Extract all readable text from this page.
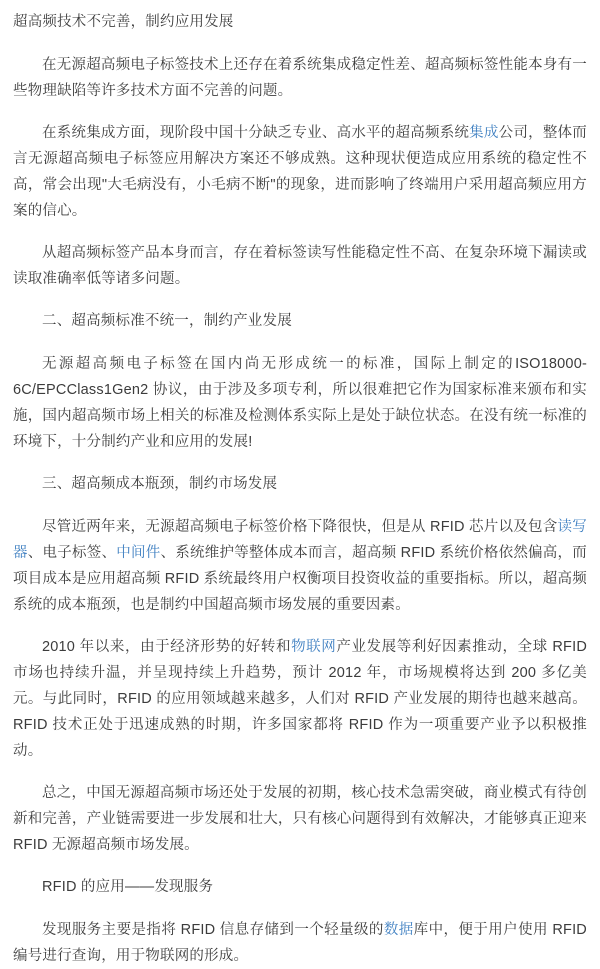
超高频技术不完善，制约应用发展

在无源超高频电子标签技术上还存在着系统集成稳定性差、超高频标签性能本身有一些物理缺陷等许多技术方面不完善的问题。

在系统集成方面，现阶段中国十分缺乏专业、高水平的超高频系统集成公司，整体而言无源超高频电子标签应用解决方案还不够成熟。这种现状便造成应用系统的稳定性不高，常会出现"大毛病没有，小毛病不断"的现象，进而影响了终端用户采用超高频应用方案的信心。

从超高频标签产品本身而言，存在着标签读写性能稳定性不高、在复杂环境下漏读或读取准确率低等诸多问题。

二、超高频标准不统一，制约产业发展

无源超高频电子标签在国内尚无形成统一的标准，国际上制定的ISO18000-6C/EPCClass1Gen2 协议，由于涉及多项专利，所以很难把它作为国家标准来颁布和实施，国内超高频市场上相关的标准及检测体系实际上是处于缺位状态。在没有统一标准的环境下，十分制约产业和应用的发展!

三、超高频成本瓶颈，制约市场发展

尽管近两年来，无源超高频电子标签价格下降很快，但是从 RFID 芯片以及包含读写器、电子标签、中间件、系统维护等整体成本而言，超高频 RFID 系统价格依然偏高，而项目成本是应用超高频 RFID 系统最终用户权衡项目投资收益的重要指标。所以，超高频系统的成本瓶颈，也是制约中国超高频市场发展的重要因素。

2010 年以来，由于经济形势的好转和物联网产业发展等利好因素推动，全球 RFID 市场也持续升温，并呈现持续上升趋势，预计 2012 年，市场规模将达到 200 多亿美元。与此同时，RFID 的应用领域越来越多，人们对 RFID 产业发展的期待也越来越高。RFID 技术正处于迅速成熟的时期，许多国家都将 RFID 作为一项重要产业予以积极推动。

总之，中国无源超高频市场还处于发展的初期，核心技术急需突破，商业模式有待创新和完善，产业链需要进一步发展和壮大，只有核心问题得到有效解决，才能够真正迎来 RFID 无源超高频市场发展。

RFID 的应用——发现服务

发现服务主要是指将 RFID 信息存储到一个轻量级的数据库中，便于用户使用 RFID 编号进行查询，用于物联网的形成。
